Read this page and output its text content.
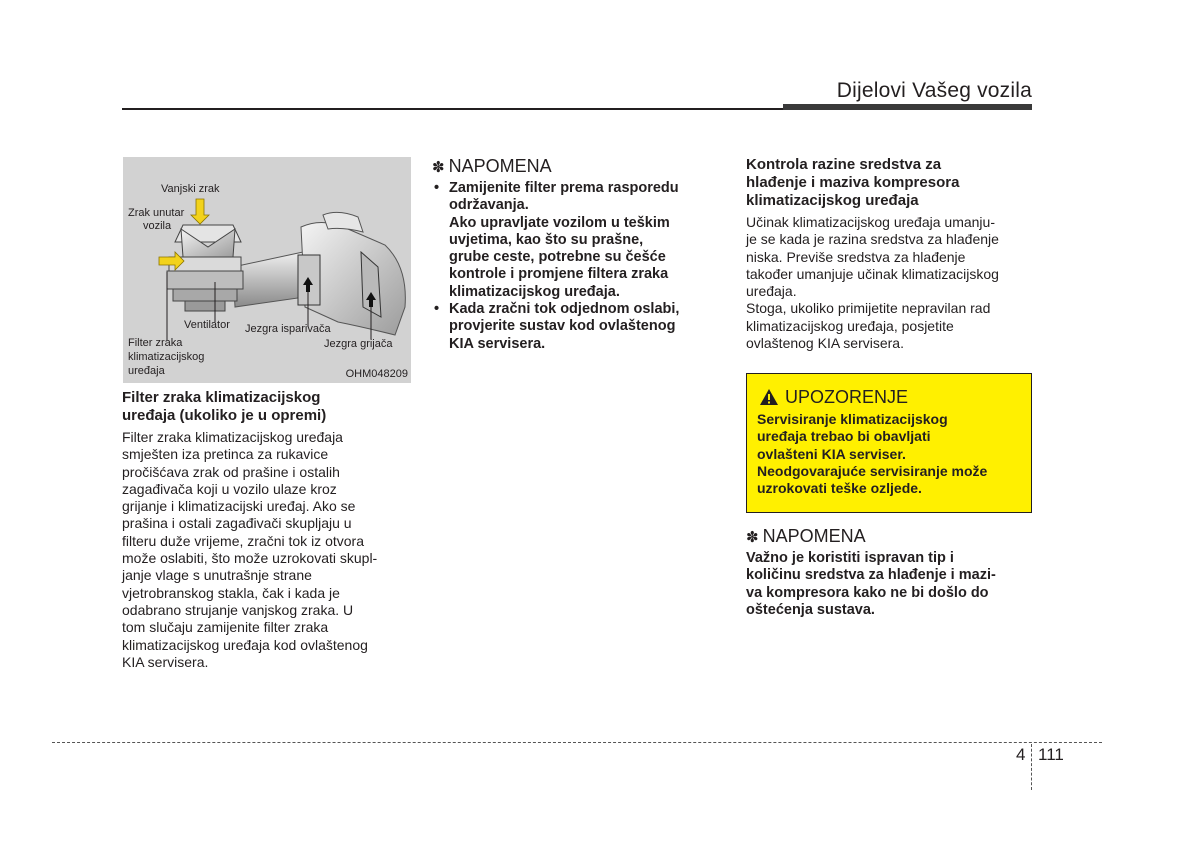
Dijelovi Vašeg vozila
Vanjski zrak
Zrak unutar
vozila
Ventilator Jezgra isparivača
Filter zraka
klimatizacijskog
uređaja
Jezgra grijača
OHM048209
Filter zraka klimatizacijskog
uređaja (ukoliko je u opremi)
Filter zraka klimatizacijskog uređaja
smješten iza pretinca za rukavice
pročišćava zrak od prašine i ostalih
zagađivača koji u vozilo ulaze kroz
grijanje i klimatizacijski uređaj. Ako se
prašina i ostali zagađivači skupljaju u
filteru duže vrijeme, zračni tok iz otvora
može oslabiti, što može uzrokovati skupl-
janje vlage s unutrašnje strane
vjetrobranskog stakla, čak i kada je
odabrano strujanje vanjskog zraka. U
tom slučaju zamijenite filter zraka
klimatizacijskog uređaja kod ovlaštenog
KIA servisera.
✽ NAPOMENA
• Zamijenite filter prema rasporedu
održavanja.
Ako upravljate vozilom u teškim
uvjetima, kao što su prašne,
grube ceste, potrebne su češće
kontrole i promjene filtera zraka
klimatizacijskog uređaja.
• Kada zračni tok odjednom oslabi,
provjerite sustav kod ovlaštenog
KIA servisera.
Kontrola razine sredstva za
hlađenje i maziva kompresora
klimatizacijskog uređaja
Učinak klimatizacijskog uređaja umanju-
je se kada je razina sredstva za hlađenje
niska. Previše sredstva za hlađenje
također umanjuje učinak klimatizacijskog
uređaja.
Stoga, ukoliko primijetite nepravilan rad
klimatizacijskog uređaja, posjetite
ovlaštenog KIA servisera.
UPOZORENJE
Servisiranje klimatizacijskog
uređaja trebao bi obavljati
ovlašteni KIA serviser.
Neodgovarajuće servisiranje može
uzrokovati teške ozljede.
✽ NAPOMENA
Važno je koristiti ispravan tip i
količinu sredstva za hlađenje i mazi-
va kompresora kako ne bi došlo do
oštećenja sustava.
4 111
